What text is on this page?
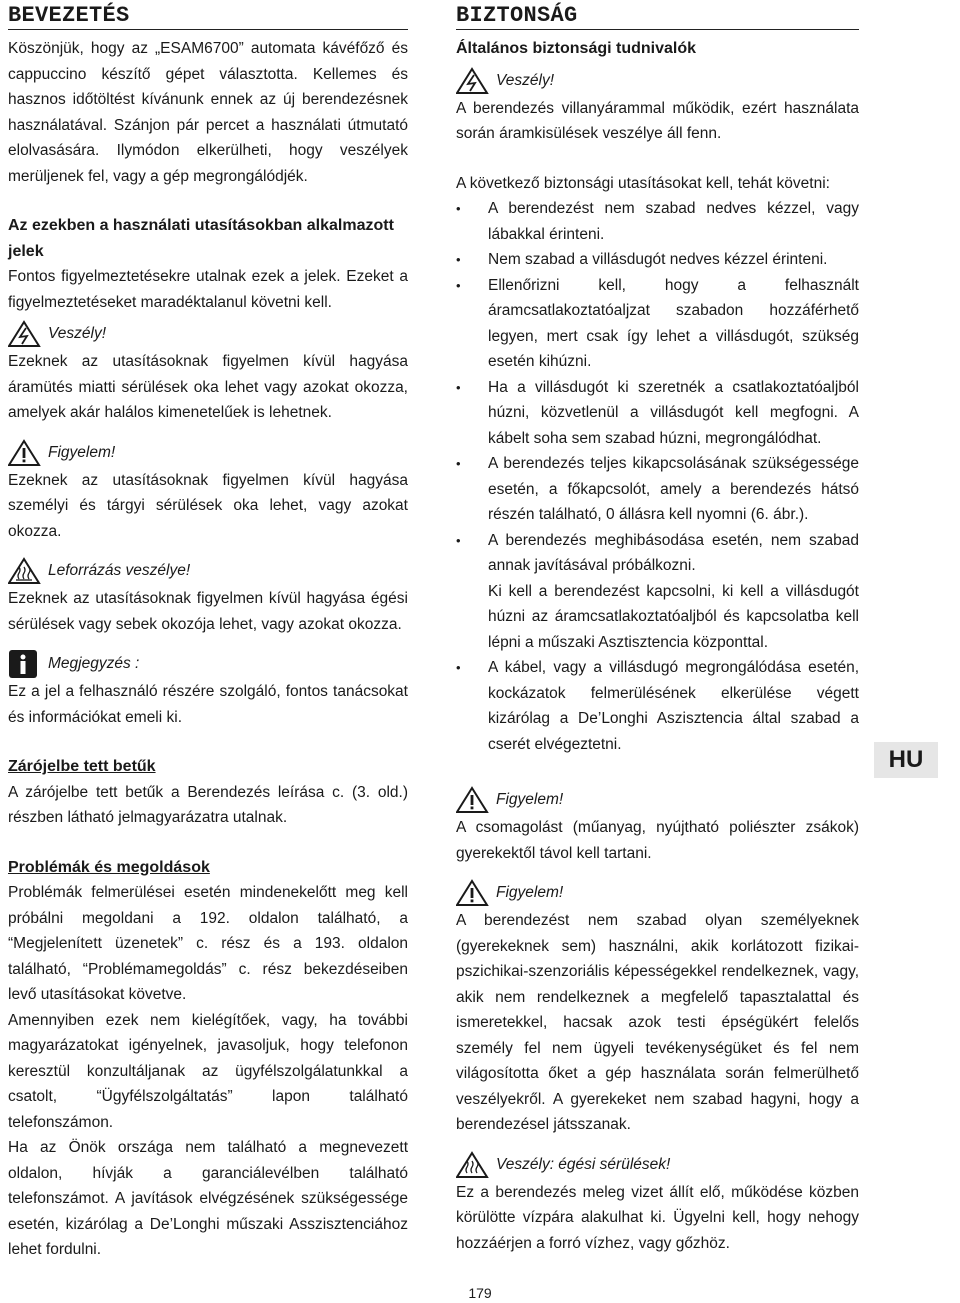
BEVEZETÉS

Köszönjük, hogy az „ESAM6700” automata kávéfőző és cappuccino készítő gépet választotta. Kellemes és hasznos időtöltést kívánunk ennek az új berendezésnek használatával. Szánjon pár percet a használati útmutató elolvasására. Ilymódon elkerülheti, hogy veszélyek merüljenek fel, vagy a gép megrongálódjék.

Az ezekben a használati utasításokban alkalmazott jelek

Fontos figyelmeztetésekre utalnak ezek a jelek. Ezeket a figyelmeztetéseket maradéktalanul követni kell.

Veszély!

Ezeknek az utasításoknak figyelmen kívül hagyása áramütés miatti sérülések oka lehet vagy azokat okozza, amelyek akár halálos kimenetelűek is lehetnek.

Figyelem!

Ezeknek az utasításoknak figyelmen kívül hagyása személyi és tárgyi sérülések oka lehet, vagy azokat okozza.

Leforrázás veszélye!

Ezeknek az utasításoknak figyelmen kívül hagyása égési sérülések vagy sebek okozója lehet, vagy azokat okozza.

Megjegyzés :

Ez a jel a felhasználó részére szolgáló, fontos tanácsokat és információkat emeli ki.

Zárójelbe tett betűk

A zárójelbe tett betűk a Berendezés leírása c. (3. old.) részben látható jelmagyarázatra utalnak.

Problémák és megoldások

Problémák felmerülései esetén mindenekelőtt meg kell próbálni megoldani a 192. oldalon található, a “Megjelenített üzenetek” c. rész és a 193. oldalon található, “Problémamegoldás” c. rész bekezdéseiben levő utasításokat követve.

Amennyiben ezek nem kielégítőek, vagy, ha további magyarázatokat igényelnek, javasoljuk, hogy telefonon keresztül konzultáljanak az ügyfélszolgálatunkkal a csatolt, “Ügyfélszolgáltatás” lapon található telefonszámon.

Ha az Önök országa nem található a megnevezett oldalon, hívják a garanciálevélben található telefonszámot. A javítások elvégzésének szükségessége esetén, kizárólag a De’Longhi műszaki Asszisztenciához lehet fordulni.

BIZTONSÁG
Általános biztonsági tudnivalók
Veszély!

A berendezés villanyárammal működik, ezért használata során áramkisülések veszélye áll fenn.

A következő biztonsági utasításokat kell, tehát követni:

• A berendezést nem szabad nedves kézzel, vagy lábakkal érinteni.
• Nem szabad a villásdugót nedves kézzel érinteni.
• Ellenőrizni kell, hogy a felhasznált áramcsatlakoztatóaljzat szabadon hozzáférhető legyen, mert csak így lehet a villásdugót, szükség esetén kihúzni.
• Ha a villásdugót ki szeretnék a csatlakoztatóaljból húzni, közvetlenül a villásdugót kell megfogni. A kábelt soha sem szabad húzni, megrongálódhat.
• A berendezés teljes kikapcsolásának szükségessége esetén, a főkapcsolót, amely a berendezés hátsó részén található, 0 állásra kell nyomni (6. ábr.).
• A berendezés meghibásodása esetén, nem szabad annak javításával próbálkozni.
Ki kell a berendezést kapcsolni, ki kell a villásdugót húzni az áramcsatlakoztatóaljból és kapcsolatba kell lépni a műszaki Asztisztencia központtal.
• A kábel, vagy a villásdugó megrongálódása esetén, kockázatok felmerülésének elkerülése végett kizárólag a De’Longhi Aszisztencia által szabad a cserét elvégeztetni.
Figyelem!

A csomagolást (műanyag, nyújtható poliészter zsákok) gyerekektől távol kell tartani.

Figyelem!

A berendezést nem szabad olyan személyeknek (gyerekeknek sem) használni, akik korlátozott fizikai-pszichikai-szenzoriális képességekkel rendelkeznek, vagy, akik nem rendelkeznek a megfelelő tapasztalattal és ismeretekkel, hacsak azok testi épségükért felelős személy fel nem ügyeli tevékenységüket és fel nem világosította őket a gép használata során felmerülhető veszélyekről. A gyerekeket nem szabad hagyni, hogy a berendezésel játsszanak.

Veszély: égési sérülések!

Ez a berendezés meleg vizet állít elő, működése közben körülötte vízpára alakulhat ki. Ügyelni kell, hogy nehogy hozzáérjen a forró vízhez, vagy gőzhöz.

HU
179
